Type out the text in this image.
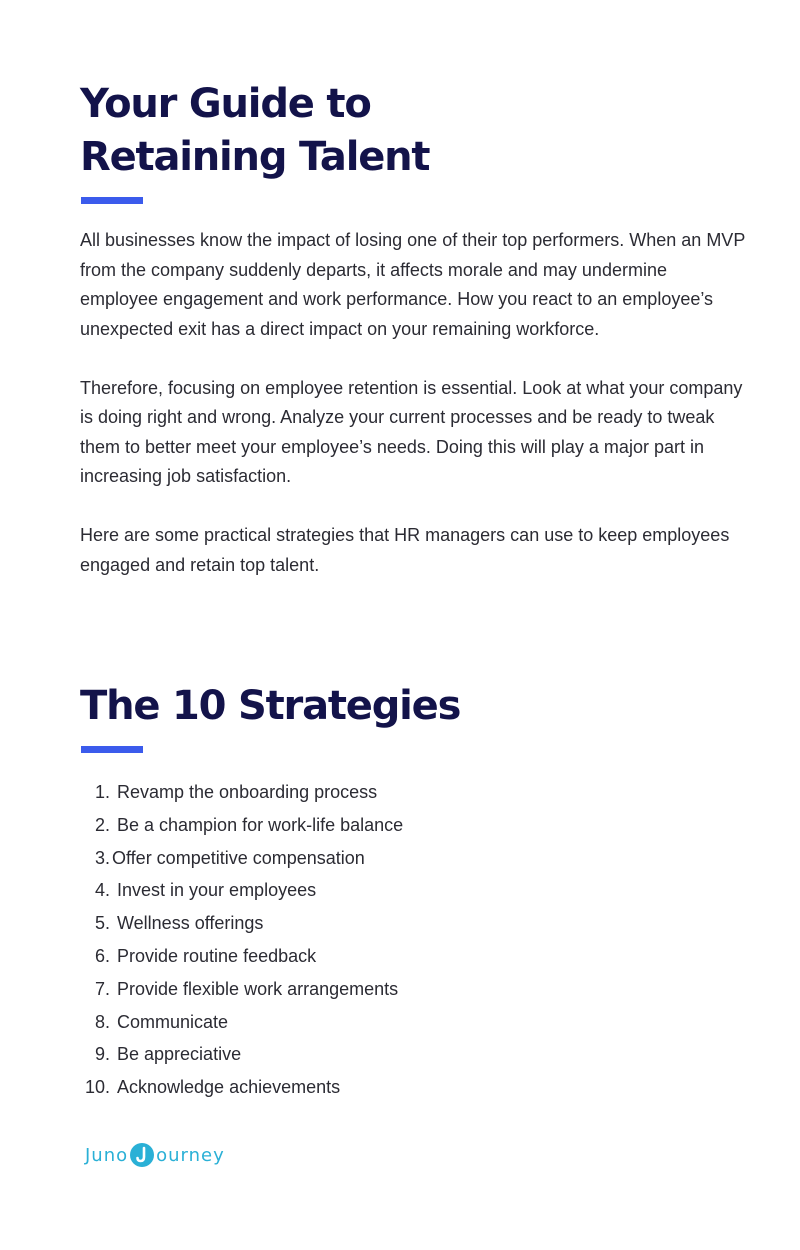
Your Guide to
Retaining Talent

All businesses know the impact of losing one of their top performers. When an MVP from the company suddenly departs, it affects morale and may undermine employee engagement and work performance. How you react to an employee’s unexpected exit has a direct impact on your remaining workforce.

Therefore, focusing on employee retention is essential. Look at what your company is doing right and wrong. Analyze your current processes and be ready to tweak them to better meet your employee’s needs. Doing this will play a major part in increasing job satisfaction.

Here are some practical strategies that HR managers can use to keep employees engaged and retain top talent.

The 10 Strategies
1. Revamp the onboarding process
2. Be a champion for work-life balance
3. Offer competitive compensation
4. Invest in your employees
5. Wellness offerings
6. Provide routine feedback
7. Provide flexible work arrangements
8. Communicate
9. Be appreciative
10. Acknowledge achievements
Juno ourney
